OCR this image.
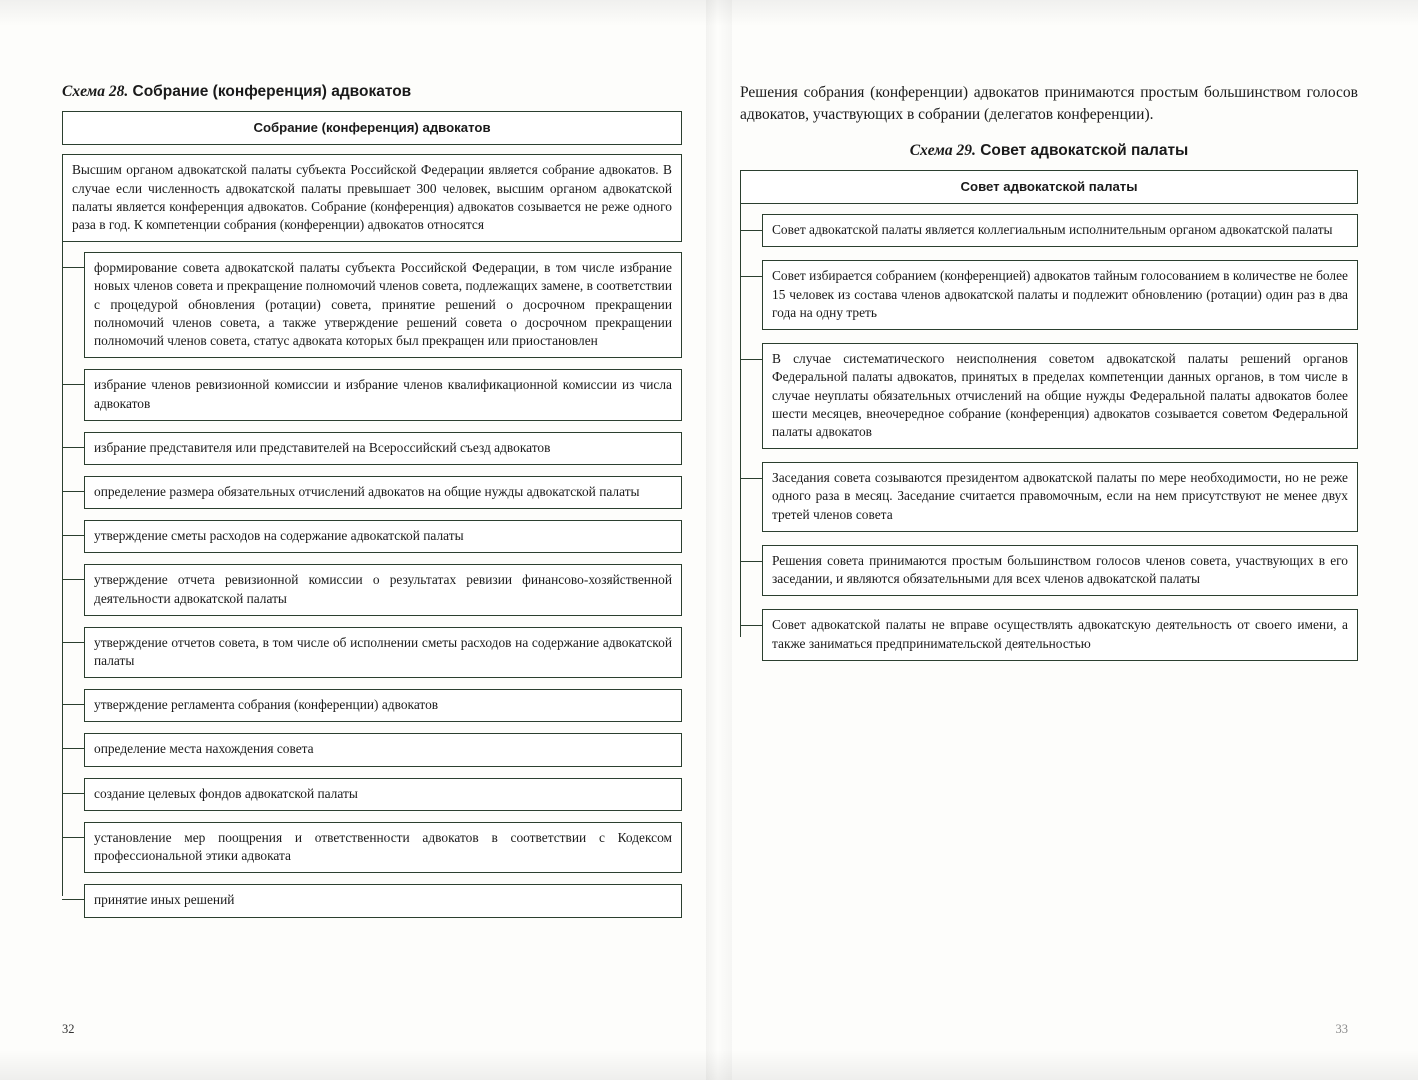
Схема 28. Собрание (конференция) адвокатов
Собрание (конференция) адвокатов
Высшим органом адвокатской палаты субъекта Российской Федерации является собрание адвокатов. В случае если численность адвокатской палаты превышает 300 человек, высшим органом адвокатской палаты является конференция адвокатов. Собрание (конференция) адвокатов созывается не реже одного раза в год. К компетенции собрания (конференции) адвокатов относятся
формирование совета адвокатской палаты субъекта Российской Федерации, в том числе избрание новых членов совета и прекращение полномочий членов совета, подлежащих замене, в соответствии с процедурой обновления (ротации) совета, принятие решений о досрочном прекращении полномочий членов совета, а также утверждение решений совета о досрочном прекращении полномочий членов совета, статус адвоката которых был прекращен или приостановлен
избрание членов ревизионной комиссии и избрание членов квалификационной комиссии из числа адвокатов
избрание представителя или представителей на Всероссийский съезд адвокатов
определение размера обязательных отчислений адвокатов на общие нужды адвокатской палаты
утверждение сметы расходов на содержание адвокатской палаты
утверждение отчета ревизионной комиссии о результатах ревизии финансово-хозяйственной деятельности адвокатской палаты
утверждение отчетов совета, в том числе об исполнении сметы расходов на содержание адвокатской палаты
утверждение регламента собрания (конференции) адвокатов
определение места нахождения совета
создание целевых фондов адвокатской палаты
установление мер поощрения и ответственности адвокатов в соответствии с Кодексом профессиональной этики адвоката
принятие иных решений
Решения собрания (конференции) адвокатов принимаются простым большинством голосов адвокатов, участвующих в собрании (делегатов конференции).
Схема 29. Совет адвокатской палаты
Совет адвокатской палаты
Совет адвокатской палаты является коллегиальным исполнительным органом адвокатской палаты
Совет избирается собранием (конференцией) адвокатов тайным голосованием в количестве не более 15 человек из состава членов адвокатской палаты и подлежит обновлению (ротации) один раз в два года на одну треть
В случае систематического неисполнения советом адвокатской палаты решений органов Федеральной палаты адвокатов, принятых в пределах компетенции данных органов, в том числе в случае неуплаты обязательных отчислений на общие нужды Федеральной палаты адвокатов более шести месяцев, внеочередное собрание (конференция) адвокатов созывается советом Федеральной палаты адвокатов
Заседания совета созываются президентом адвокатской палаты по мере необходимости, но не реже одного раза в месяц. Заседание считается правомочным, если на нем присутствуют не менее двух третей членов совета
Решения совета принимаются простым большинством голосов членов совета, участвующих в его заседании, и являются обязательными для всех членов адвокатской палаты
Совет адвокатской палаты не вправе осуществлять адвокатскую деятельность от своего имени, а также заниматься предпринимательской деятельностью
32	33
